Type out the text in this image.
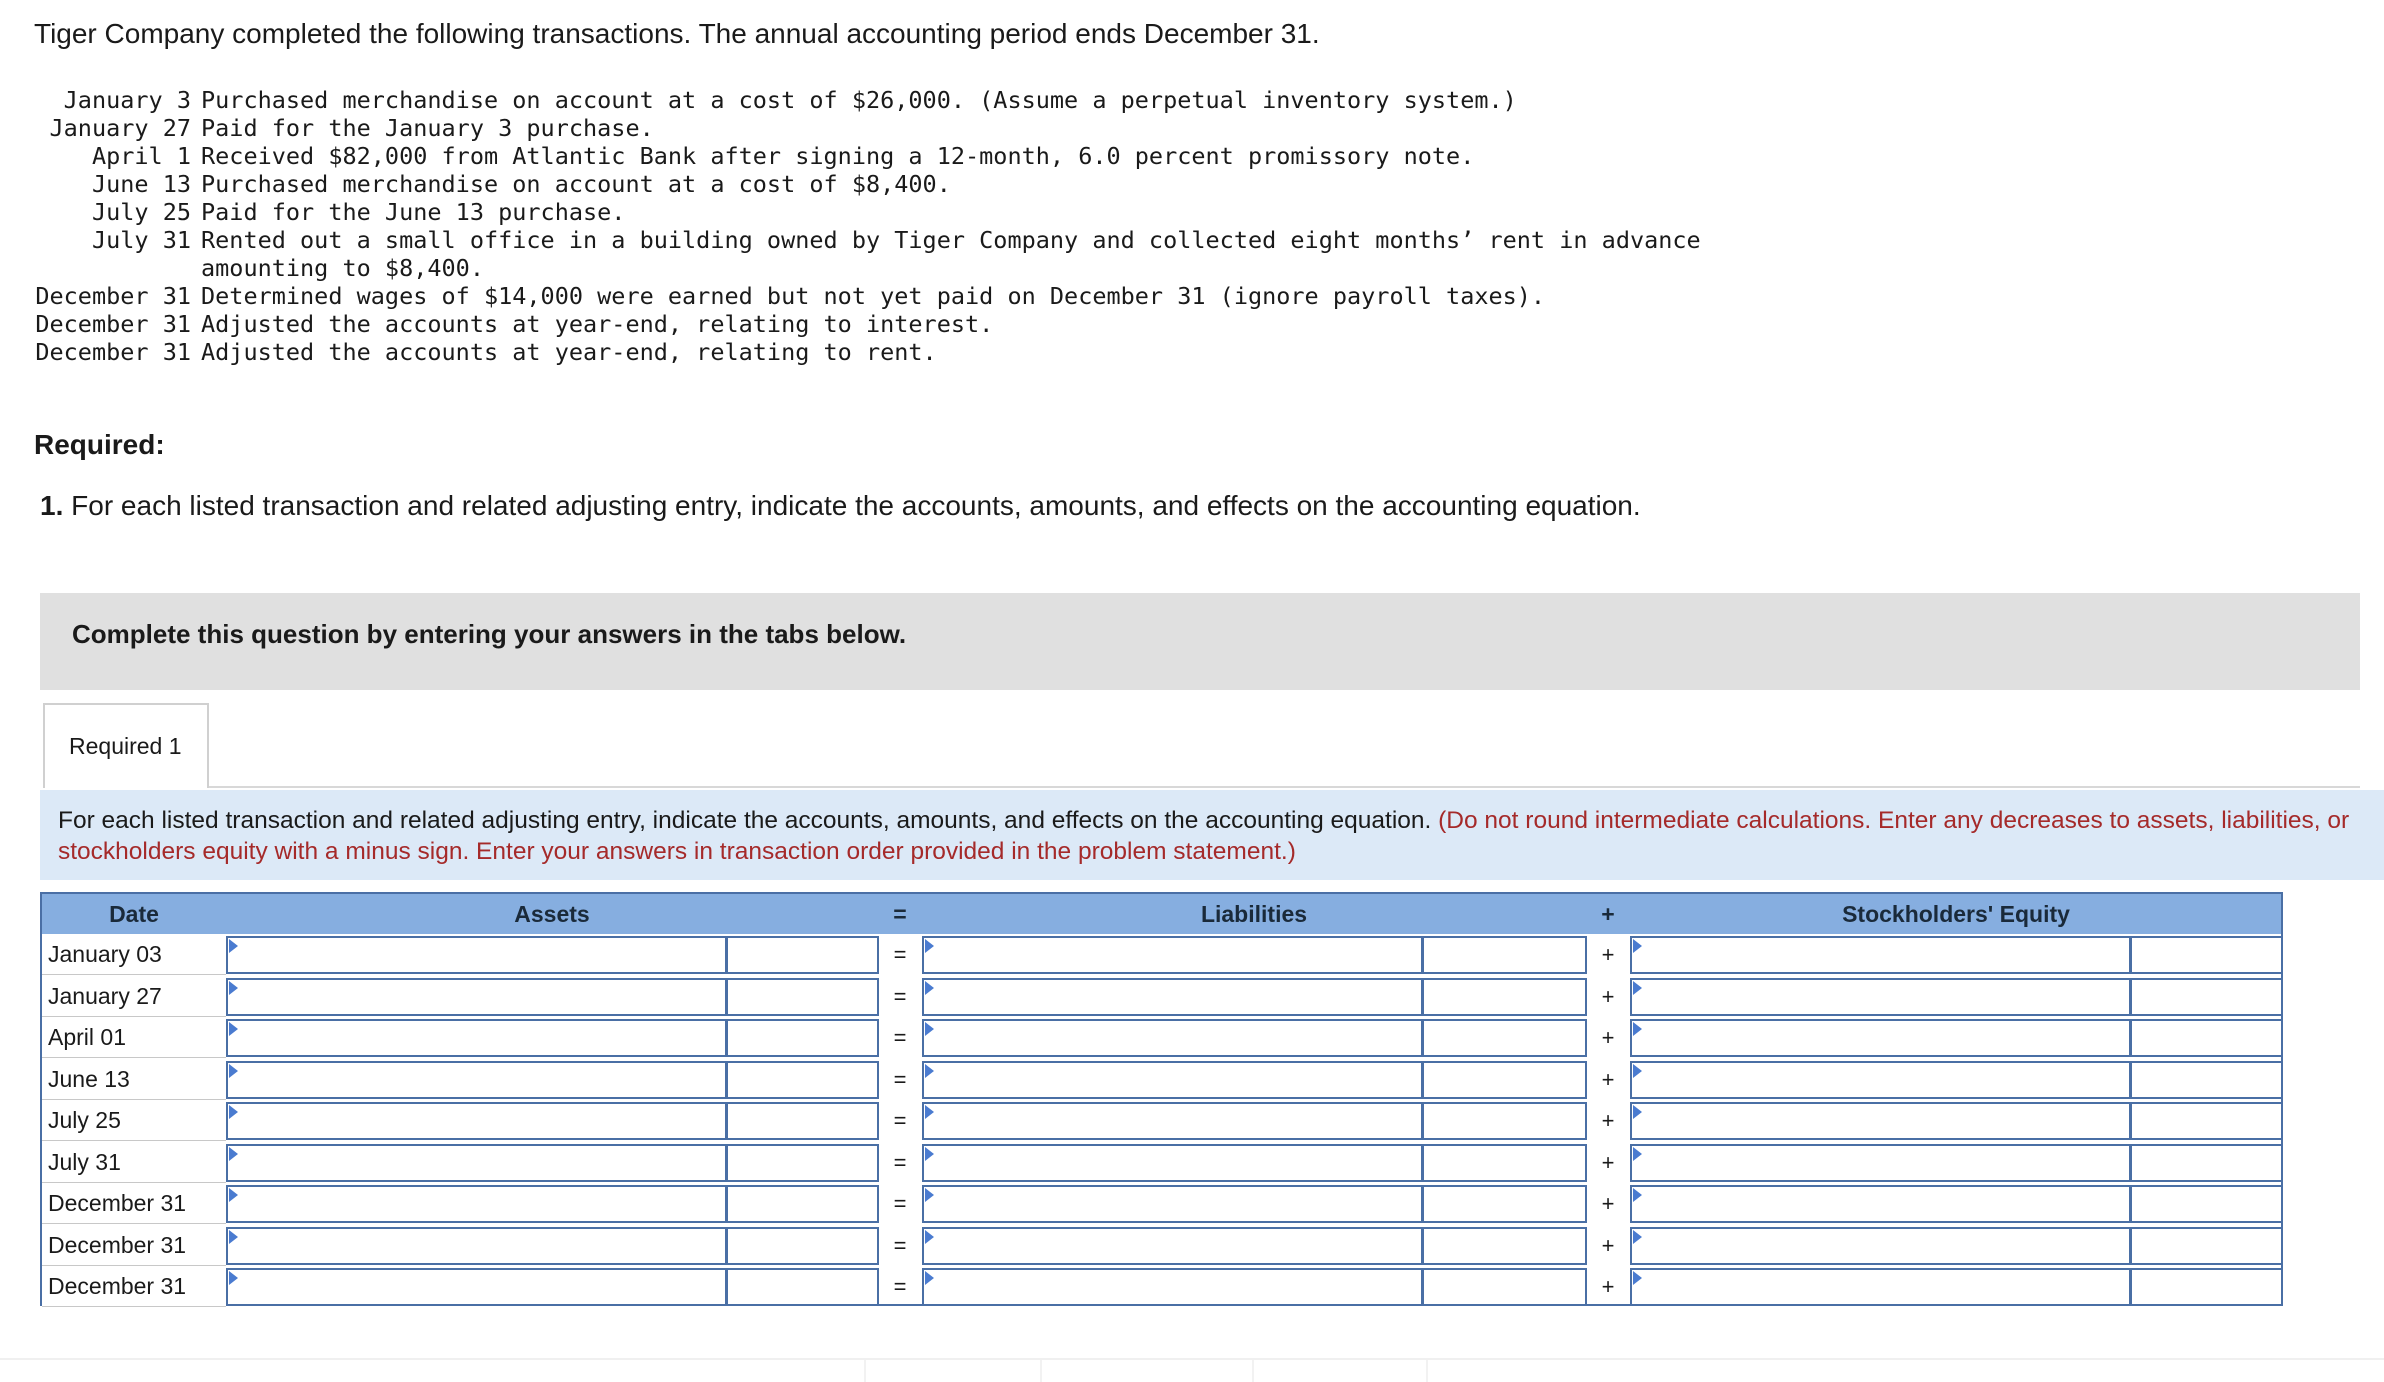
Tiger Company completed the following transactions. The annual accounting period ends December 31.

January 3 Purchased merchandise on account at a cost of $26,000. (Assume a perpetual inventory system.)
January 27 Paid for the January 3 purchase.
April 1 Received $82,000 from Atlantic Bank after signing a 12-month, 6.0 percent promissory note.
June 13 Purchased merchandise on account at a cost of $8,400.
July 25 Paid for the June 13 purchase.
July 31 Rented out a small office in a building owned by Tiger Company and collected eight months’ rent in advance
amounting to $8,400.
December 31 Determined wages of $14,000 were earned but not yet paid on December 31 (ignore payroll taxes).
December 31 Adjusted the accounts at year-end, relating to interest.
December 31 Adjusted the accounts at year-end, relating to rent.
Required:
1. For each listed transaction and related adjusting entry, indicate the accounts, amounts, and effects on the accounting equation.
Complete this question by entering your answers in the tabs below.
Required 1
For each listed transaction and related adjusting entry, indicate the accounts, amounts, and effects on the accounting equation. (Do not round intermediate calculations. Enter any decreases to assets, liabilities, or stockholders equity with a minus sign. Enter your answers in transaction order provided in the problem statement.)
Date	Assets	=	Liabilities	+	Stockholders' Equity
January 03	=	+
January 27	=	+
April 01	=	+
June 13	=	+
July 25	=	+
July 31	=	+
December 31	=	+
December 31	=	+
December 31	=	+
